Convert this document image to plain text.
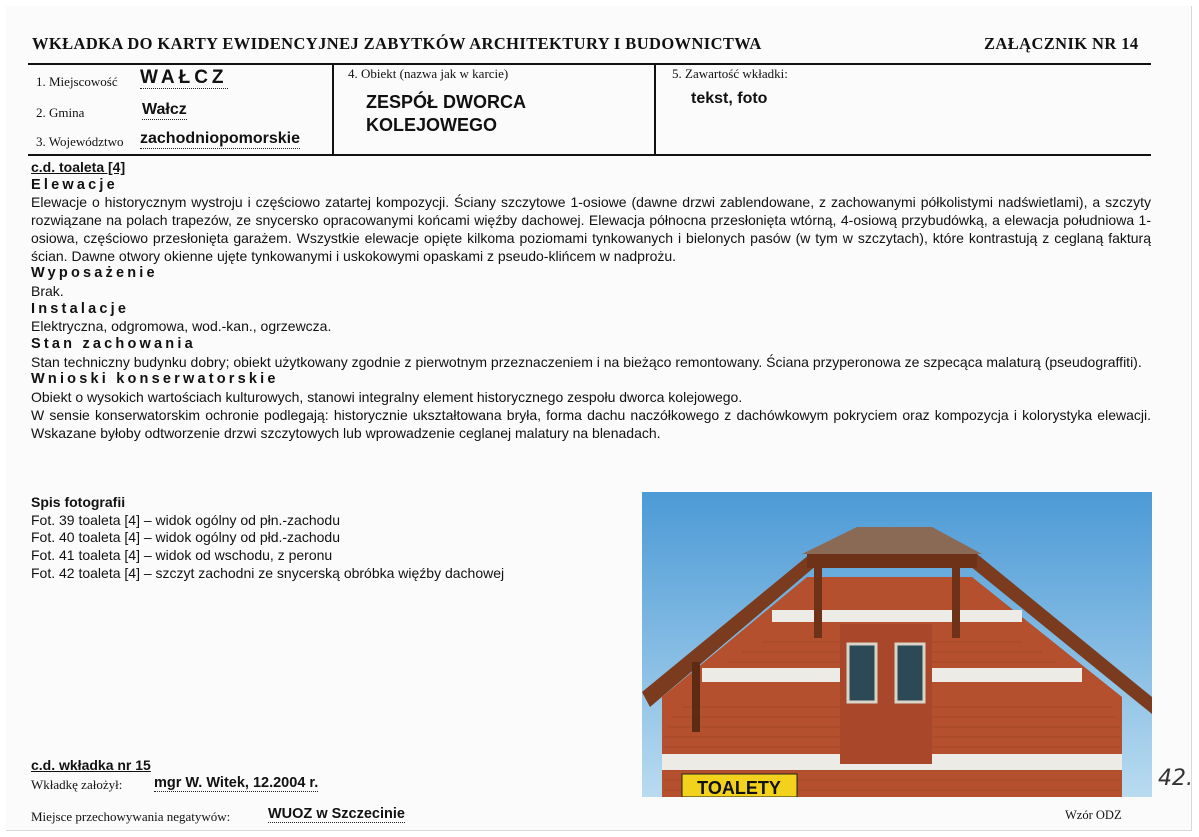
WKŁADKA DO KARTY EWIDENCYJNEJ ZABYTKÓW ARCHITEKTURY I BUDOWNICTWA	ZAŁĄCZNIK NR 14
1. Miejscowość WAŁCZ
2. Gmina	Wałcz
3. Województwo zachodniopomorskie
4. Obiekt (nazwa jak w karcie)
ZESPÓŁ DWORCA
KOLEJOWEGO
5. Zawartość wkładki:
tekst, foto
c.d. toaleta [4]
Elewacje

Elewacje o historycznym wystroju i częściowo zatartej kompozycji. Ściany szczytowe 1-osiowe (dawne drzwi zablendowane, z zachowanymi półkolistymi nadświetlami), a szczyty rozwiązane na polach trapezów, ze snycersko opracowanymi końcami więźby dachowej. Elewacja północna przesłonięta wtórną, 4-osiową przybudówką, a elewacja południowa 1-osiowa, częściowo przesłonięta garażem. Wszystkie elewacje opięte kilkoma poziomami tynkowanych i bielonych pasów (w tym w szczytach), które kontrastują z ceglaną fakturą ścian. Dawne otwory okienne ujęte tynkowanymi i uskokowymi opaskami z pseudo-klińcem w nadprożu.

Wyposażenie

Brak.

Instalacje

Elektryczna, odgromowa, wod.-kan., ogrzewcza.

Stan zachowania

Stan techniczny budynku dobry; obiekt użytkowany zgodnie z pierwotnym przeznaczeniem i na bieżąco remontowany. Ściana przyperonowa ze szpecąca malaturą (pseudograffiti).

Wnioski konserwatorskie

Obiekt o wysokich wartościach kulturowych, stanowi integralny element historycznego zespołu dworca kolejowego.

W sensie konserwatorskim ochronie podlegają: historycznie ukształtowana bryła, forma dachu naczółkowego z dachówkowym pokryciem oraz kompozycja i kolorystyka elewacji. Wskazane byłoby odtworzenie drzwi szczytowych lub wprowadzenie ceglanej malatury na blenadach.

Spis fotografii
Fot. 39 toaleta [4] – widok ogólny od płn.-zachodu
Fot. 40 toaleta [4] – widok ogólny od płd.-zachodu
Fot. 41 toaleta [4] – widok od wschodu, z peronu
Fot. 42 toaleta [4] – szczyt zachodni ze snycerską obróbka więźby dachowej
TOALETY
c.d. wkładka nr 15
Wkładkę założył: mgr W. Witek, 12.2004 r.
Miejsce przechowywania negatywów:	WUOZ w Szczecinie	Wzór ODZ
42.
